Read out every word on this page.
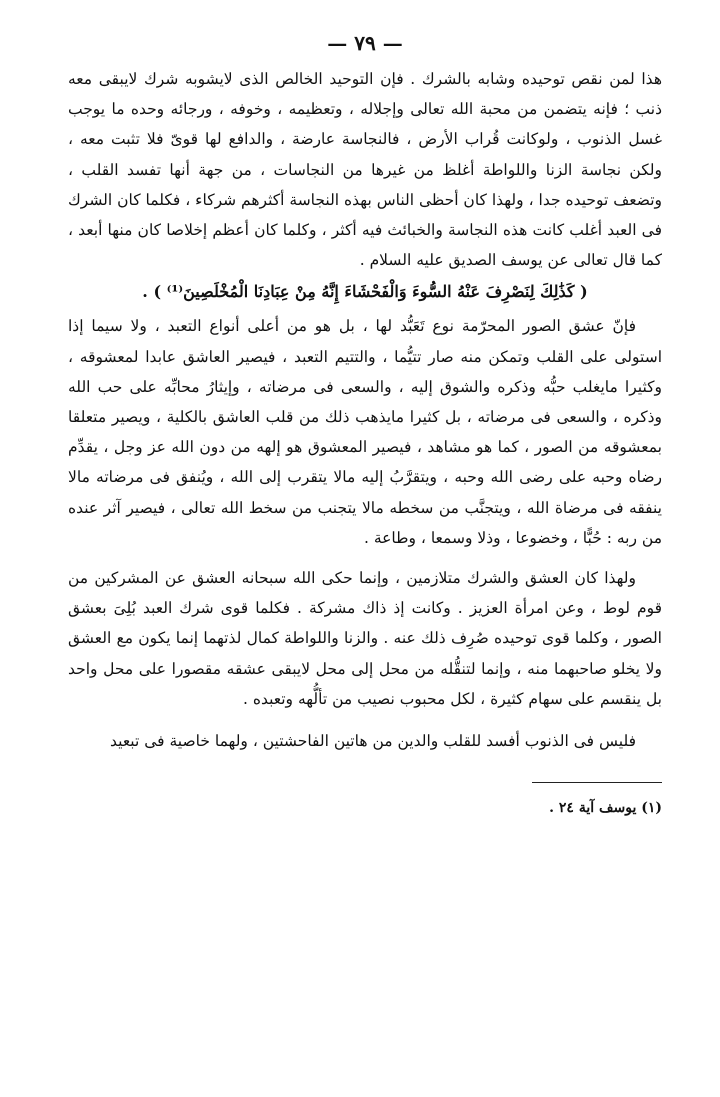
— ٧٩ —

هذا لمن نقص توحيده وشابه بالشرك . فإن التوحيد الخالص الذى لايشوبه شرك لايبقى معه ذنب ؛ فإنه يتضمن من محبة الله تعالى وإجلاله ، وتعظيمه ، وخوفه ، ورجائه وحده ما يوجب غسل الذنوب ، ولوكانت قُراب الأرض ، فالنجاسة عارضة ، والدافع لها قوىّ فلا تثبت معه ، ولكن نجاسة الزنا واللواطة أغلظ من غيرها من النجاسات ، من جهة أنها تفسد القلب ، وتضعف توحيده جدا ، ولهذا كان أحظى الناس بهذه النجاسة أكثرهم شركاء ، فكلما كان الشرك فى العبد أغلب كانت هذه النجاسة والخبائث فيه أكثر ، وكلما كان أعظم إخلاصا كان منها أبعد ، كما قال تعالى عن يوسف الصديق عليه السلام .

( كَذَٰلِكَ لِنَصْرِفَ عَنْهُ السُّوءَ وَالْفَحْشَاءَ إِنَّهُ مِنْ عِبَادِنَا الْمُخْلَصِينَ⁽¹⁾ ) .

فإنّ عشق الصور المحرّمة نوع تَعَبُّد لها ، بل هو من أعلى أنواع التعبد ، ولا سيما إذا استولى على القلب وتمكن منه صار تتيُّما ، والتتيم التعبد ، فيصير العاشق عابدا لمعشوقه ، وكثيرا مايغلب حبُّه وذكره والشوق إليه ، والسعى فى مرضاته ، وإيثارُ محابِّه على حب الله وذكره ، والسعى فى مرضاته ، بل كثيرا مايذهب ذلك من قلب العاشق بالكلية ، ويصير متعلقا بمعشوقه من الصور ، كما هو مشاهد ، فيصير المعشوق هو إلهه من دون الله عز وجل ، يقدِّم رضاه وحبه على رضى الله وحبه ، ويتقرَّبُ إليه مالا يتقرب إلى الله ، ويُنفق فى مرضاته مالا ينفقه فى مرضاة الله ، ويتجنَّب من سخطه مالا يتجنب من سخط الله تعالى ، فيصير آثر عنده من ربه : حُبًّا ، وخضوعا ، وذلا وسمعا ، وطاعة .

ولهذا كان العشق والشرك متلازمين ، وإنما حكى الله سبحانه العشق عن المشركين من قوم لوط ، وعن امرأة العزيز . وكانت إذ ذاك مشركة . فكلما قوى شرك العبد بُلِىَ بعشق الصور ، وكلما قوى توحيده صُرِف ذلك عنه . والزنا واللواطة كمال لذتهما إنما يكون مع العشق ولا يخلو صاحبهما منه ، وإنما لتنقُّله من محل إلى محل لايبقى عشقه مقصورا على محل واحد بل ينقسم على سهام كثيرة ، لكل محبوب نصيب من تألُّهه وتعبده .

فليس فى الذنوب أفسد للقلب والدين من هاتين الفاحشتين ، ولهما خاصية فى تبعيد

(١) يوسف آية ٢٤ .
